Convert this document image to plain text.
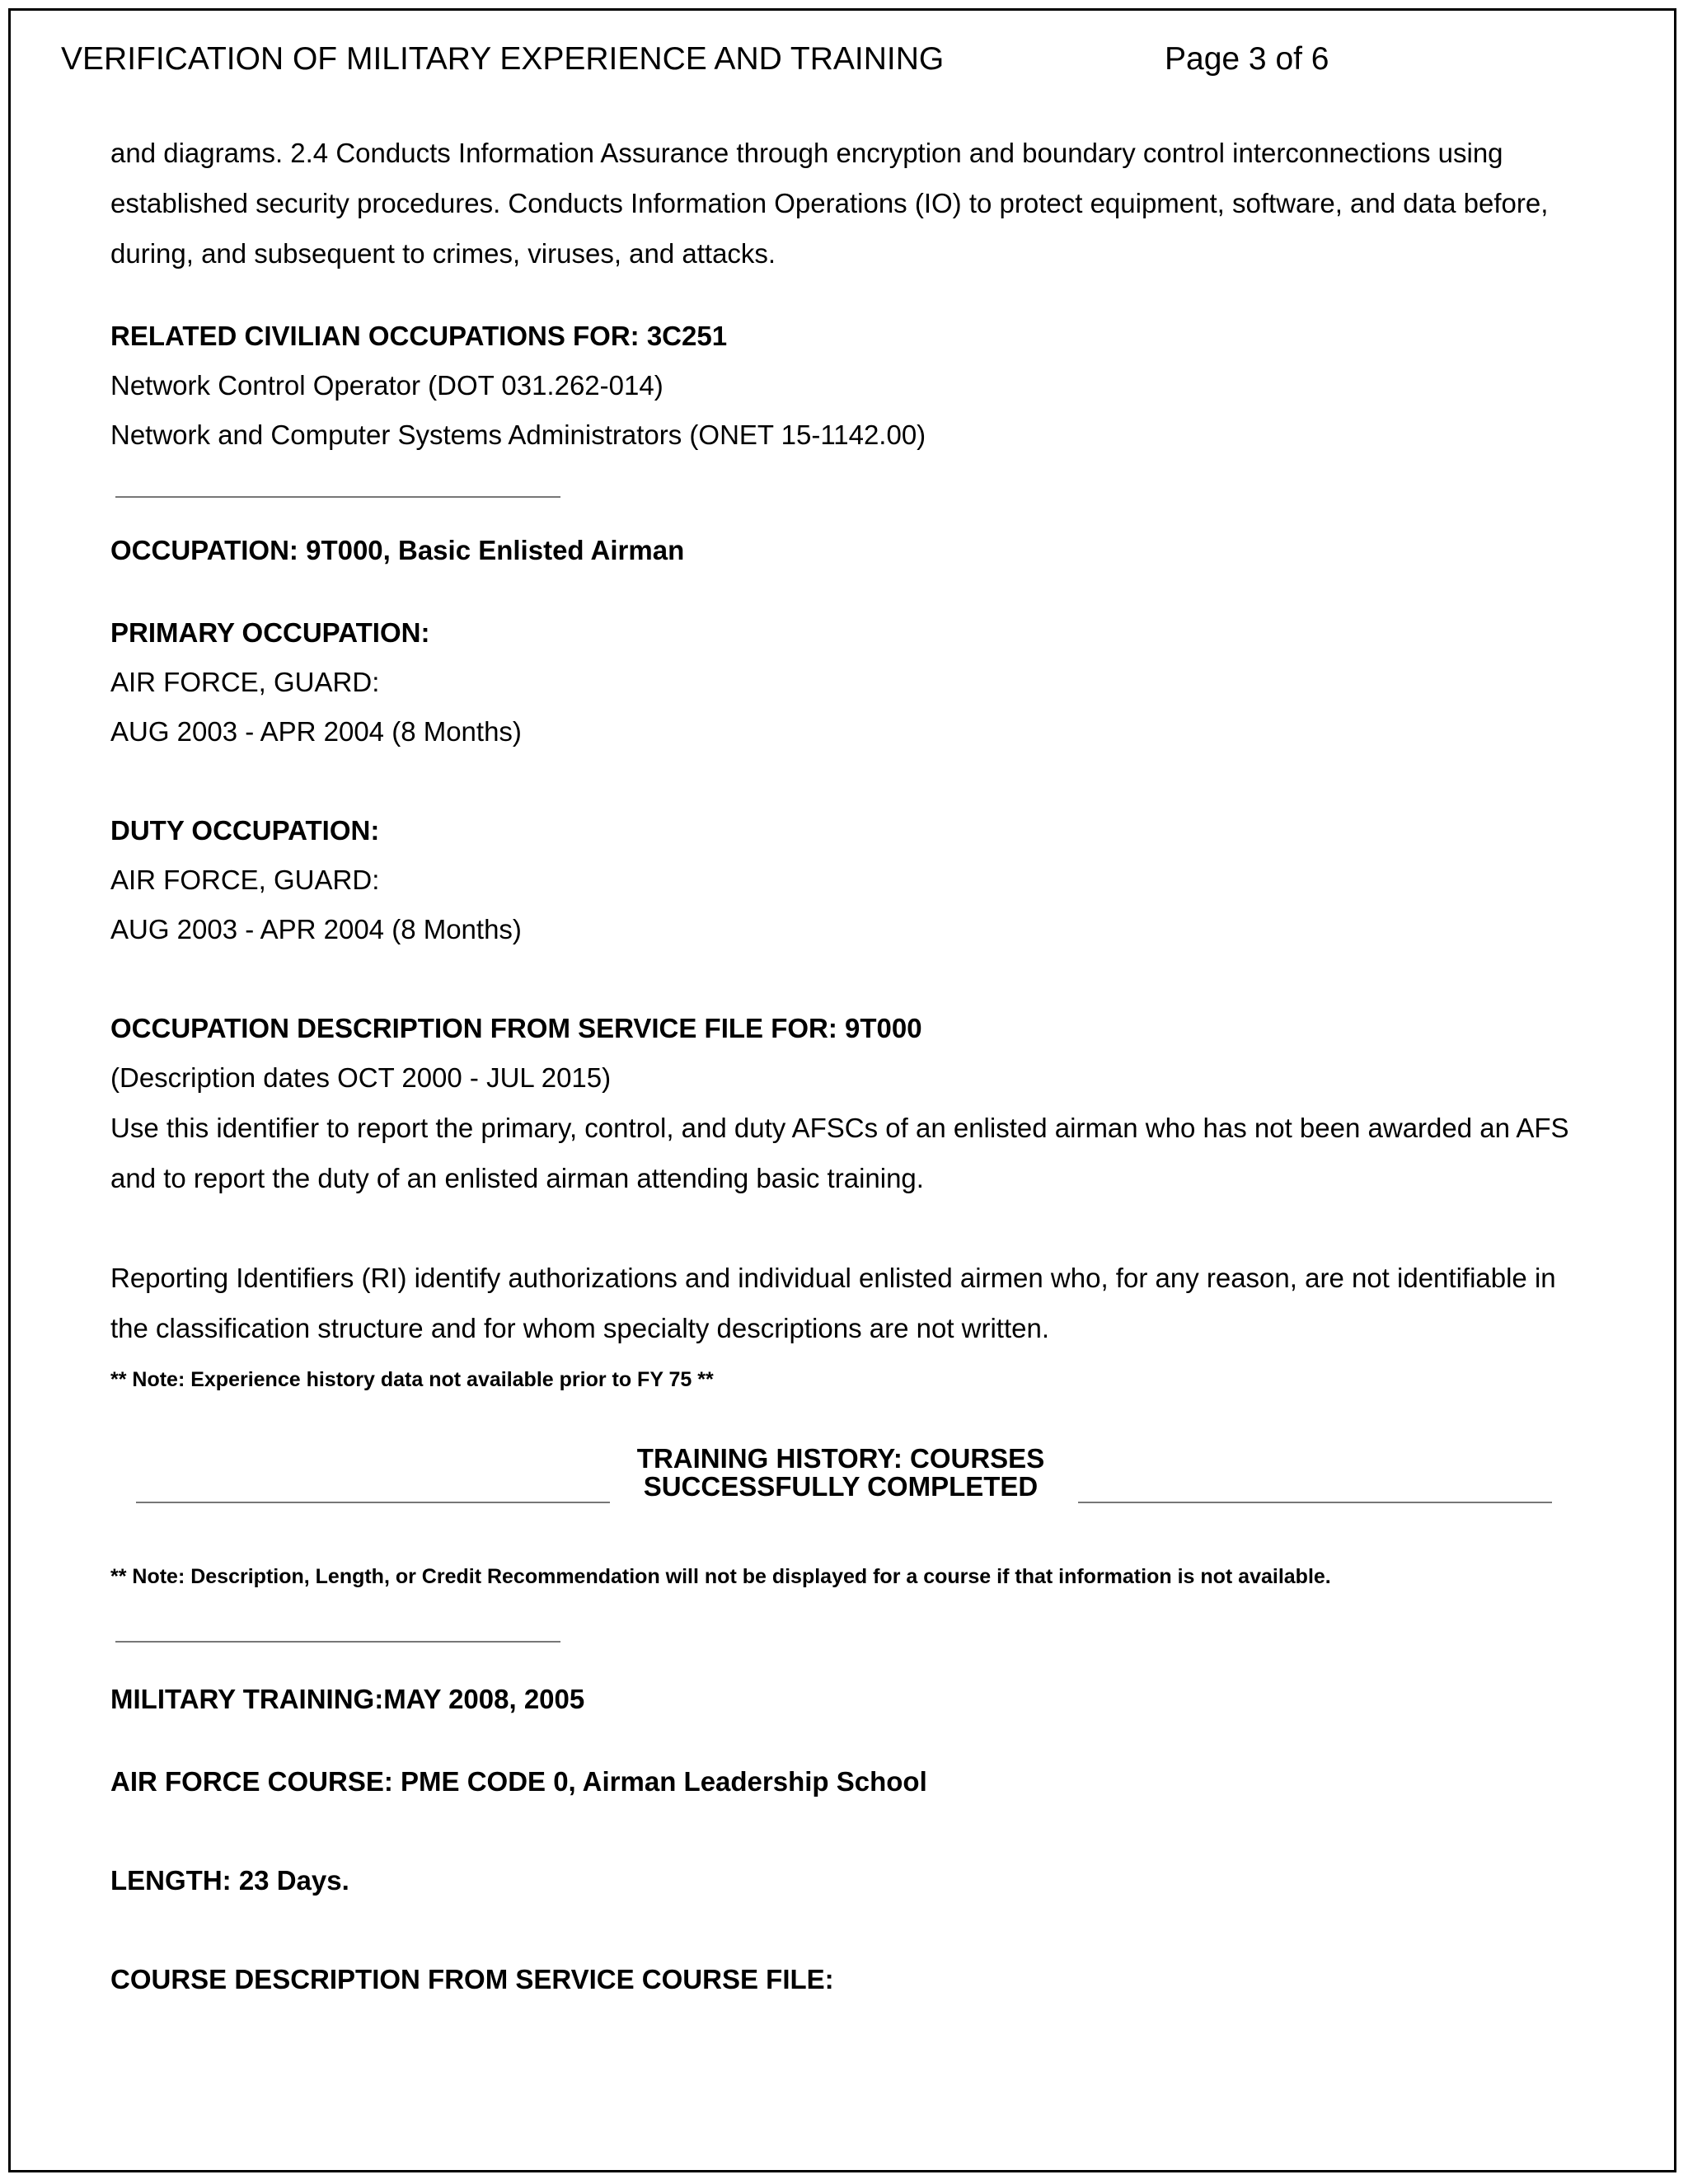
VERIFICATION OF MILITARY EXPERIENCE AND TRAINING	Page 3 of 6

and diagrams. 2.4 Conducts Information Assurance through encryption and boundary control interconnections using established security procedures. Conducts Information Operations (IO) to protect equipment, software, and data before, during, and subsequent to crimes, viruses, and attacks.

RELATED CIVILIAN OCCUPATIONS FOR: 3C251
Network Control Operator (DOT 031.262-014)
Network and Computer Systems Administrators (ONET 15-1142.00)
OCCUPATION: 9T000, Basic Enlisted Airman
PRIMARY OCCUPATION:
AIR FORCE, GUARD:
AUG 2003 - APR 2004 (8 Months)
DUTY OCCUPATION:
AIR FORCE, GUARD:
AUG 2003 - APR 2004 (8 Months)
OCCUPATION DESCRIPTION FROM SERVICE FILE FOR: 9T000
(Description dates OCT 2000 - JUL 2015)

Use this identifier to report the primary, control, and duty AFSCs of an enlisted airman who has not been awarded an AFS and to report the duty of an enlisted airman attending basic training.

Reporting Identifiers (RI) identify authorizations and individual enlisted airmen who, for any reason, are not identifiable in the classification structure and for whom specialty descriptions are not written.

** Note: Experience history data not available prior to FY 75 **
** Note: Description, Length, or Credit Recommendation will not be displayed for a course if that information is not available.
MILITARY TRAINING:MAY 2008, 2005
AIR FORCE COURSE: PME CODE 0, Airman Leadership School
LENGTH: 23 Days.
COURSE DESCRIPTION FROM SERVICE COURSE FILE:
TRAINING HISTORY: COURSES
SUCCESSFULLY COMPLETED
